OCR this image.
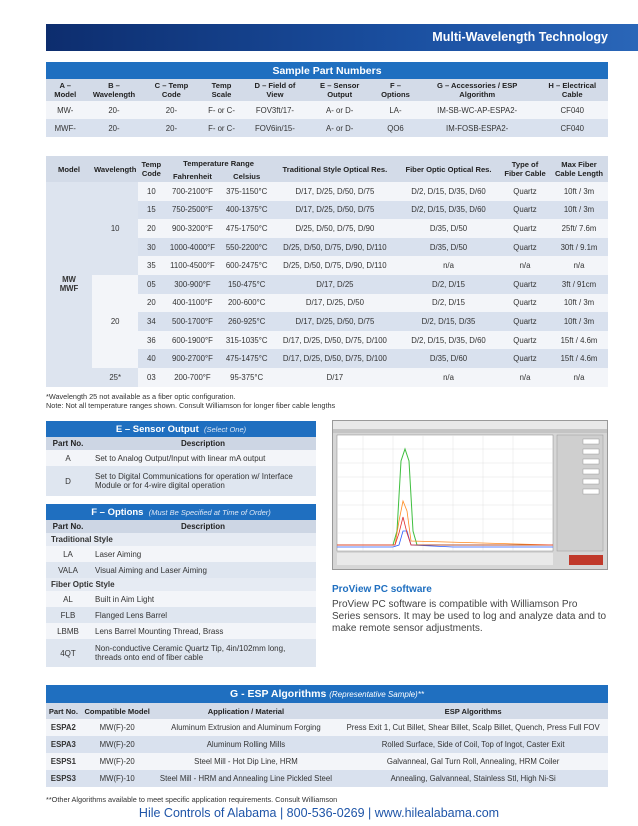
Multi-Wavelength Technology
Sample Part Numbers								
A – Model	B – Wavelength	C – Temp Code	Temp Scale	D – Field of View	E – Sensor Output	F – Options	G – Accessories / ESP Algorithm	H – Electrical Cable
MW-	20-	20-	F- or C-	FOV3ft/17-	A- or D-	LA-	IM-SB-WC-AP-ESPA2-	CF040
MWF-	20-	20-	F- or C-	FOV6in/15-	A- or D-	QO6	IM-FOSB-ESPA2-	CF040
Model	Wavelength	Temp Code	Temperature Range		Traditional Style Optical Res.	Fiber Optic Optical Res.	Type of Fiber Cable	Max Fiber Cable Length
			Fahrenheit	Celsius				
MW
MWF	10	10	700-2100°F	375-1150°C	D/17, D/25, D/50, D/75	D/2, D/15, D/35, D/60	Quartz	10ft / 3m
		15	750-2500°F	400-1375°C	D/17, D/25, D/50, D/75	D/2, D/15, D/35, D/60	Quartz	10ft / 3m
		20	900-3200°F	475-1750°C	D/25, D/50, D/75, D/90	D/35, D/50	Quartz	25ft/ 7.6m
		30	1000-4000°F	550-2200°C	D/25, D/50, D/75, D/90, D/110	D/35, D/50	Quartz	30ft / 9.1m
		35	1100-4500°F	600-2475°C	D/25, D/50, D/75, D/90, D/110	n/a	n/a	n/a
	20	05	300-900°F	150-475°C	D/17, D/25	D/2, D/15	Quartz	3ft / 91cm
		20	400-1100°F	200-600°C	D/17, D/25, D/50	D/2, D/15	Quartz	10ft / 3m
		34	500-1700°F	260-925°C	D/17, D/25, D/50, D/75	D/2, D/15, D/35	Quartz	10ft / 3m
		36	600-1900°F	315-1035°C	D/17, D/25, D/50, D/75, D/100	D/2, D/15, D/35, D/60	Quartz	15ft / 4.6m
		40	900-2700°F	475-1475°C	D/17, D/25, D/50, D/75, D/100	D/35, D/60	Quartz	15ft / 4.6m
	25*	03	200-700°F	95-375°C	D/17	n/a	n/a	n/a
*Wavelength 25 not available as a fiber optic configuration.
Note: Not all temperature ranges shown. Consult Williamson for longer fiber cable lengths
E – Sensor Output (Select One)	
Part No.	Description
A	Set to Analog Output/Input with linear mA output
D	Set to Digital Communications for operation w/ Interface Module or for 4-wire digital operation
F – Options (Must Be Specified at Time of Order)	
Part No.	Description
Traditional Style	
LA	Laser Aiming
VALA	Visual Aiming and Laser Aiming
Fiber Optic Style	
AL	Built in Aim Light
FLB	Flanged Lens Barrel
LBMB	Lens Barrel Mounting Thread, Brass
4QT	Non-conductive Ceramic Quartz Tip, 4in/102mm long, threads onto end of fiber cable
ProView PC software
ProView PC software is compatible with Williamson Pro Series sensors. It may be used to log and analyze data and to make remote sensor adjustments.
G - ESP Algorithms (Representative Sample)**			
Part No.	Compatible Model	Application / Material	ESP Algorithms
ESPA2	MW(F)-20	Aluminum Extrusion and Aluminum Forging	Press Exit 1, Cut Billet, Shear Billet, Scalp Billet, Quench, Press Full FOV
ESPA3	MW(F)-20	Aluminum Rolling Mills	Rolled Surface, Side of Coil, Top of Ingot, Caster Exit
ESPS1	MW(F)-20	Steel Mill - Hot Dip Line, HRM	Galvanneal, Gal Turn Roll, Annealing, HRM Coiler
ESPS3	MW(F)-10	Steel Mill - HRM and Annealing Line Pickled Steel	Annealing, Galvanneal, Stainless Stl, High Ni-Si
**Other Algorithms available to meet specific application requirements. Consult Williamson
Hile Controls of Alabama | 800-536-0269 | www.hilealabama.com
